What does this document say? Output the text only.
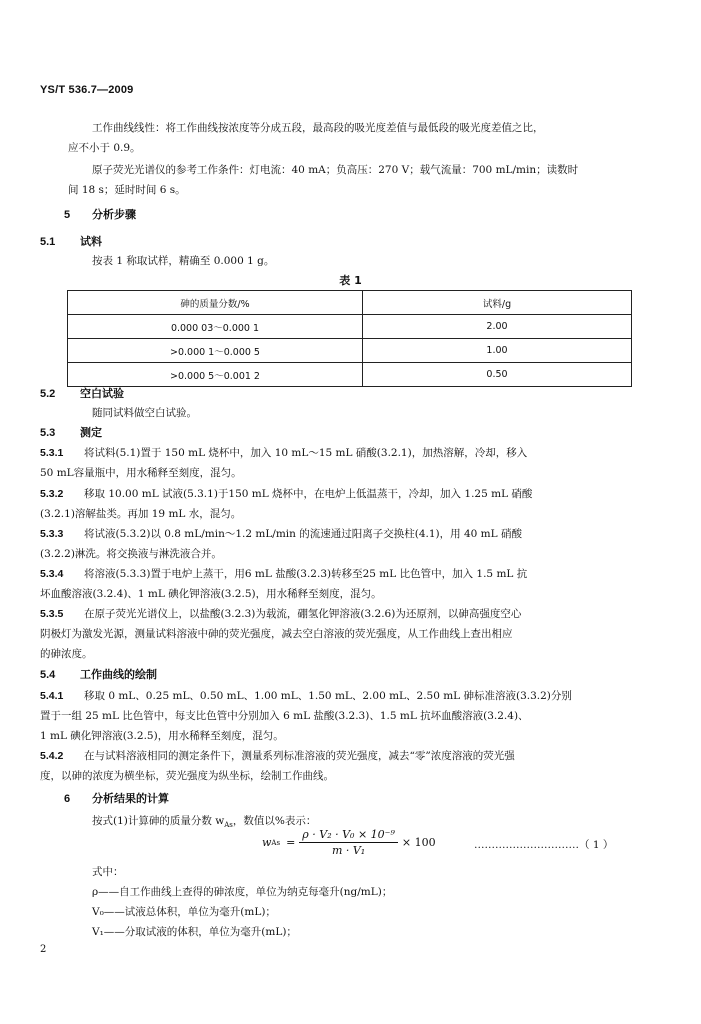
YS/T 536.7—2009
工作曲线线性：将工作曲线按浓度等分成五段，最高段的吸光度差值与最低段的吸光度差值之比，
应不小于 0.9。
原子荧光光谱仪的参考工作条件：灯电流：40 mA；负高压：270 V；载气流量：700 mL/min；读数时
间 18 s；延时时间 6 s。
5 分析步骤
5.1 试料
按表 1 称取试样，精确至 0.000 1 g。
表 1
砷的质量分数/%	试料/g
0.000 03～0.000 1	2.00
>0.000 1～0.000 5	1.00
>0.000 5～0.001 2	0.50
5.2 空白试验
随同试料做空白试验。
5.3 测定
5.3.1 将试料(5.1)置于 150 mL 烧杯中，加入 10 mL～15 mL 硝酸(3.2.1)，加热溶解，冷却，移入
50 mL容量瓶中，用水稀释至刻度，混匀。
5.3.2 移取 10.00 mL 试液(5.3.1)于150 mL 烧杯中，在电炉上低温蒸干，冷却，加入 1.25 mL 硝酸
(3.2.1)溶解盐类。再加 19 mL 水，混匀。
5.3.3 将试液(5.3.2)以 0.8 mL/min～1.2 mL/min 的流速通过阳离子交换柱(4.1)，用 40 mL 硝酸
(3.2.2)淋洗。将交换液与淋洗液合并。
5.3.4 将溶液(5.3.3)置于电炉上蒸干，用6 mL 盐酸(3.2.3)转移至25 mL 比色管中，加入 1.5 mL 抗
坏血酸溶液(3.2.4)、1 mL 碘化钾溶液(3.2.5)，用水稀释至刻度，混匀。
5.3.5 在原子荧光光谱仪上，以盐酸(3.2.3)为载流，硼氢化钾溶液(3.2.6)为还原剂，以砷高强度空心
阴极灯为激发光源，测量试料溶液中砷的荧光强度，减去空白溶液的荧光强度，从工作曲线上查出相应
的砷浓度。
5.4 工作曲线的绘制
5.4.1 移取 0 mL、0.25 mL、0.50 mL、1.00 mL、1.50 mL、2.00 mL、2.50 mL 砷标准溶液(3.3.2)分别
置于一组 25 mL 比色管中，每支比色管中分别加入 6 mL 盐酸(3.2.3)、1.5 mL 抗坏血酸溶液(3.2.4)、
1 mL 碘化钾溶液(3.2.5)，用水稀释至刻度，混匀。
5.4.2 在与试料溶液相同的测定条件下，测量系列标准溶液的荧光强度，减去“零”浓度溶液的荧光强
度，以砷的浓度为横坐标，荧光强度为纵坐标，绘制工作曲线。
6 分析结果的计算
按式(1)计算砷的质量分数 $w_{As}$，数值以%表示：
w $As = \frac{\text{ρ · V₂ · V₀ × 10⁻⁹}}{\text{m · V₁}} \times 100$	…………………………（ 1 ）
式中：
ρ——自工作曲线上查得的砷浓度，单位为纳克每毫升(ng/mL)；
V₀——试液总体积，单位为毫升(mL)；
V₁——分取试液的体积，单位为毫升(mL)；
2
